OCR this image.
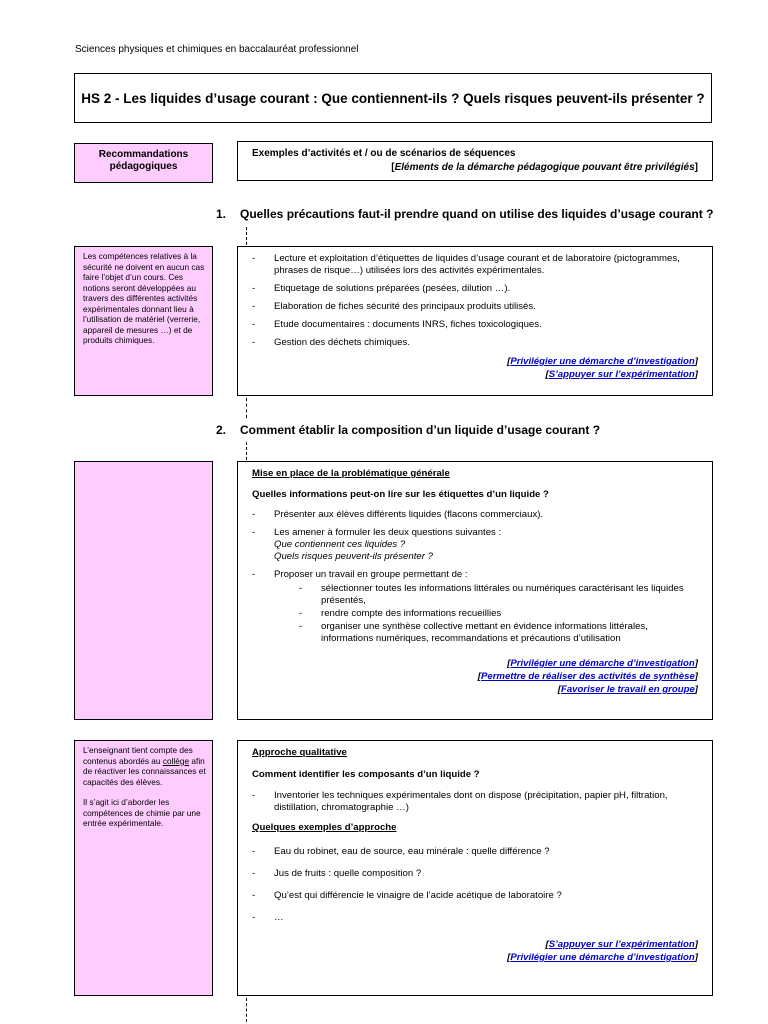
Sciences physiques et chimiques en baccalauréat professionnel
HS 2 - Les liquides d’usage courant : Que contiennent-ils ? Quels risques peuvent-ils présenter ?
Recommandations pédagogiques
Exemples d’activités et / ou de scénarios de séquences
[Eléments de la démarche pédagogique pouvant être privilégiés]
1. Quelles précautions faut-il prendre quand on utilise des liquides d’usage courant ?
Les compétences relatives à la sécurité ne doivent en aucun cas faire l’objet d’un cours. Ces notions seront développées au travers des différentes activités expérimentales donnant lieu à l’utilisation de matériel (verrerie, appareil de mesures …) et de produits chimiques.
- Lecture et exploitation d’étiquettes de liquides d’usage courant et de laboratoire (pictogrammes, phrases de risque…) utilisées lors des activités expérimentales.
- Etiquetage de solutions préparées (pesées, dilution …).
- Elaboration de fiches sécurité des principaux produits utilisés.
- Etude documentaires : documents INRS, fiches toxicologiques.
- Gestion des déchets chimiques.
[Privilégier une démarche d’investigation]
[S’appuyer sur l’expérimentation]
2. Comment établir la composition d’un liquide d’usage courant ?
Mise en place de la problématique générale
Quelles informations peut-on lire sur les étiquettes d’un liquide ?
- Présenter aux élèves différents liquides (flacons commerciaux).
- Les amener à formuler les deux questions suivantes :
Que contiennent ces liquides ?
Quels risques peuvent-ils présenter ?
- Proposer un travail en groupe permettant de :
- sélectionner toutes les informations littérales ou numériques caractérisant les liquides présentés,
- rendre compte des informations recueillies
- organiser une synthèse collective mettant en évidence informations littérales, informations numériques, recommandations et précautions d’utilisation
[Privilégier une démarche d’investigation]
[Permettre de réaliser des activités de synthèse]
[Favoriser le travail en groupe]
L’enseignant tient compte des contenus abordés au collège afin de réactiver les connaissances et capacités des élèves.
Il s’agit ici d’aborder les compétences de chimie par une entrée expérimentale.
Approche qualitative
Comment identifier les composants d’un liquide ?
- Inventorier les techniques expérimentales dont on dispose (précipitation, papier pH, filtration, distillation, chromatographie …)
Quelques exemples d’approche
- Eau du robinet, eau de source, eau minérale : quelle différence ?
- Jus de fruits : quelle composition ?
- Qu’est qui différencie le vinaigre de l’acide acétique de laboratoire ?
- …
[S’appuyer sur l’expérimentation]
[Privilégier une démarche d’investigation]
